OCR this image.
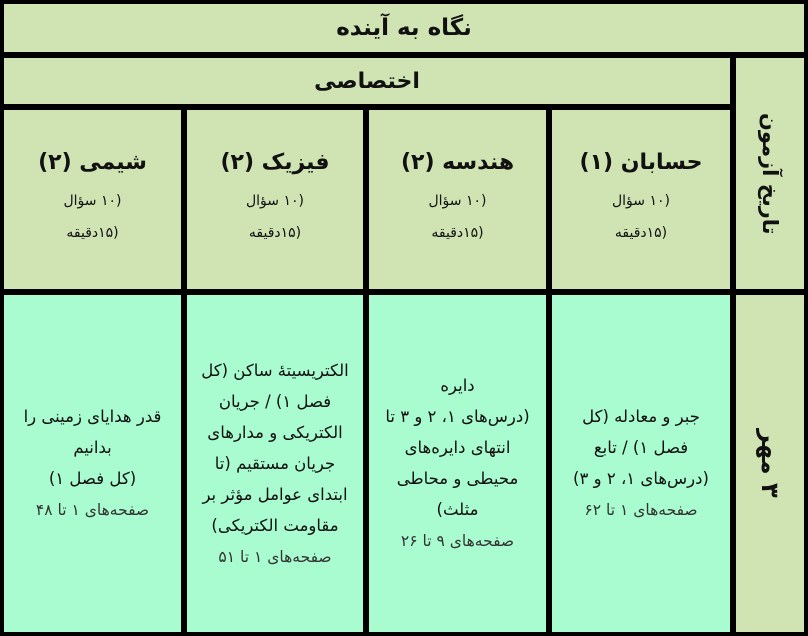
نگاه به آینده
اختصاصی
تاریخ آزمون
حسابان (۱)
(۱۰ سؤال
(۱۵دقیقه
هندسه (۲)
(۱۰ سؤال
(۱۵دقیقه
فیزیک (۲)
(۱۰ سؤال
(۱۵دقیقه
شیمی (۲)
(۱۰ سؤال
(۱۵دقیقه
۳ مهر
جبر و معادله (کل
فصل ۱) / تابع
(درس‌های ۱، ۲ و ۳)
صفحه‌های ۱ تا ۶۲
دایره
(درس‌های ۱، ۲ و ۳ تا
انتهای دایره‌های
محیطی و محاطی
مثلث)
صفحه‌های ۹ تا ۲۶
الکتریسیتهٔ ساکن (کل
فصل ۱) / جریان
الکتریکی و مدارهای
جریان مستقیم (تا
ابتدای عوامل مؤثر بر
مقاومت الکتریکی)
صفحه‌های ۱ تا ۵۱
قدر هدایای زمینی را
بدانیم
(کل فصل ۱)
صفحه‌های ۱ تا ۴۸
